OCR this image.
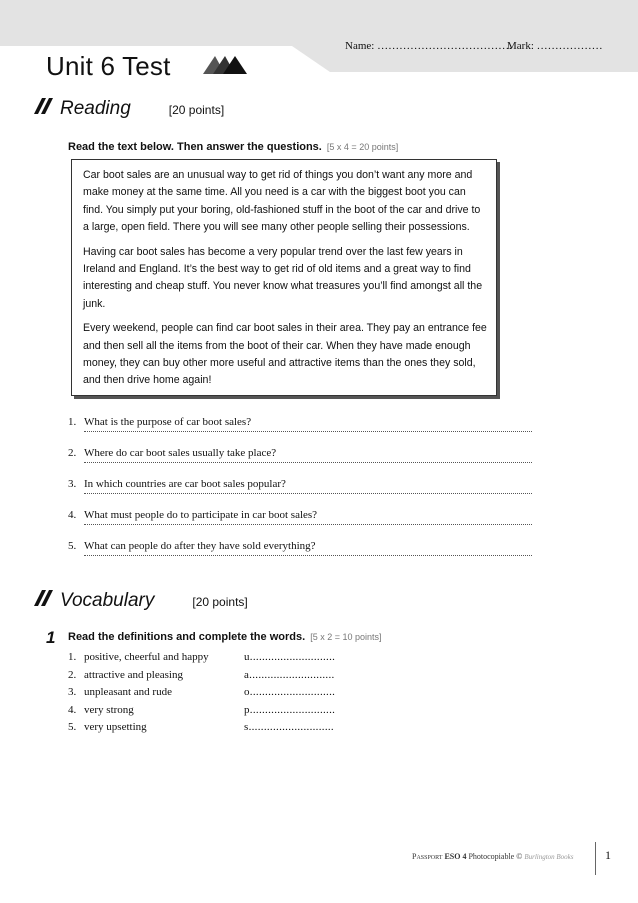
Name: ……………………………….
Mark: ………………
Unit 6 Test
Reading	[20 points]
Read the text below. Then answer the questions. [5 x 4 = 20 points]

Car boot sales are an unusual way to get rid of things you don’t want any more and make money at the same time. All you need is a car with the biggest boot you can find. You simply put your boring, old-fashioned stuff in the boot of the car and drive to a large, open field. There you will see many other people selling their possessions.

Having car boot sales has become a very popular trend over the last few years in Ireland and England. It’s the best way to get rid of old items and a great way to find interesting and cheap stuff. You never know what treasures you’ll find amongst all the junk.

Every weekend, people can find car boot sales in their area. They pay an entrance fee and then sell all the items from the boot of their car. When they have made enough money, they can buy other more useful and attractive items than the ones they sold, and then drive home again!

1. What is the purpose of car boot sales?
2. Where do car boot sales usually take place?
3. In which countries are car boot sales popular?
4. What must people do to participate in car boot sales?
5. What can people do after they have sold everything?
Vocabulary	[20 points]
1 Read the definitions and complete the words. [5 x 2 = 10 points]
1. positive, cheerful and happy	u............................
2. attractive and pleasing	a............................
3. unpleasant and rude	o............................
4. very strong	p............................
5. very upsetting	s............................
Passport ESO 4 Photocopiable © Burlington Books	1
